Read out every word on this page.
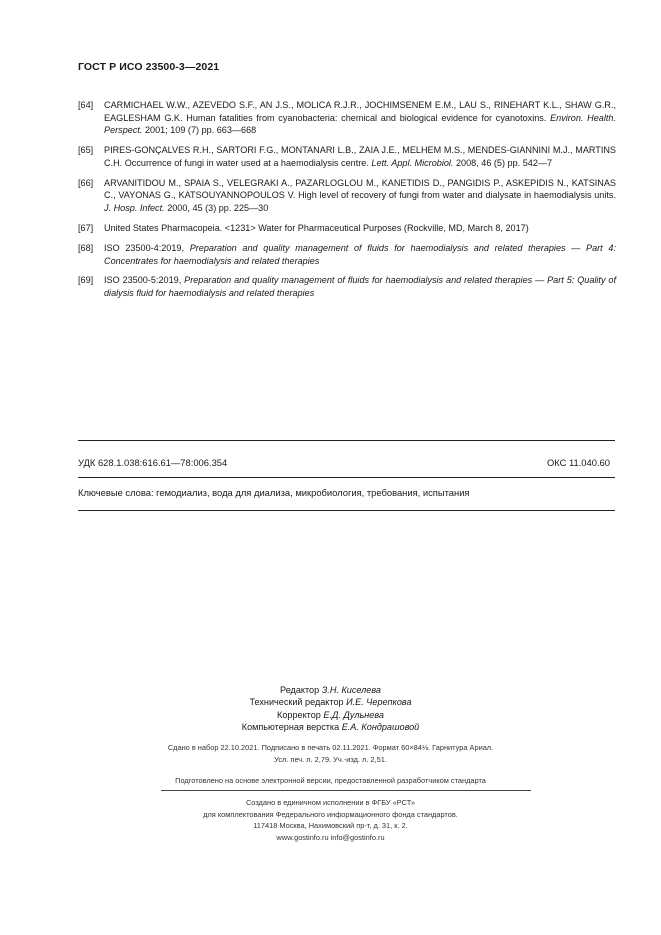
ГОСТ Р ИСО 23500-3—2021
[64]	CARMICHAEL W.W., AZEVEDO S.F., AN J.S., MOLICA R.J.R., JOCHIMSENEM E.M., LAU S., RINEHART K.L., SHAW G.R., EAGLESHAM G.K. Human fatalities from cyanobacteria: chemical and biological evidence for cyanotoxins. Environ. Health. Perspect. 2001; 109 (7) pp. 663—668
[65]	PIRES-GONÇALVES R.H., SARTORI F.G., MONTANARI L.B., ZAIA J.E., MELHEM M.S., MENDES-GIANNINI M.J., MARTINS C.H. Occurrence of fungi in water used at a haemodialysis centre. Lett. Appl. Microbiol. 2008, 46 (5) pp. 542—7
[66]	ARVANITIDOU M., SPAIA S., VELEGRAKI A., PAZARLOGLOU M., KANETIDIS D., PANGIDIS P., ASKEPIDIS N., KATSINAS C., VAYONAS G., KATSOUYANNOPOULOS V. High level of recovery of fungi from water and dialysate in haemodialysis units. J. Hosp. Infect. 2000, 45 (3) pp. 225—30
[67]	United States Pharmacopeia. <1231> Water for Pharmaceutical Purposes (Rockville, MD, March 8, 2017)
[68]	ISO 23500-4:2019, Preparation and quality management of fluids for haemodialysis and related therapies — Part 4: Concentrates for haemodialysis and related therapies
[69]	ISO 23500-5:2019, Preparation and quality management of fluids for haemodialysis and related therapies — Part 5: Quality of dialysis fluid for haemodialysis and related therapies
УДК 628.1.038:616.61—78:006.354	ОКС 11.040.60
Ключевые слова: гемодиализ, вода для диализа, микробиология, требования, испытания
Редактор З.Н. Киселева
Технический редактор И.Е. Черепкова
Корректор Е.Д. Дульнева
Компьютерная верстка Е.А. Кондрашовой
Сдано в набор 22.10.2021. Подписано в печать 02.11.2021. Формат 60×84⅛. Гарнитура Ариал.
Усл. печ. л. 2,79. Уч.-изд. л. 2,51.
Подготовлено на основе электронной версии, предоставленной разработчиком стандарта
Создано в единичном исполнении в ФГБУ «РСТ»
для комплектования Федерального информационного фонда стандартов.
117418 Москва, Нахимовский пр-т, д. 31, к. 2.
www.gostinfo.ru info@gostinfo.ru
